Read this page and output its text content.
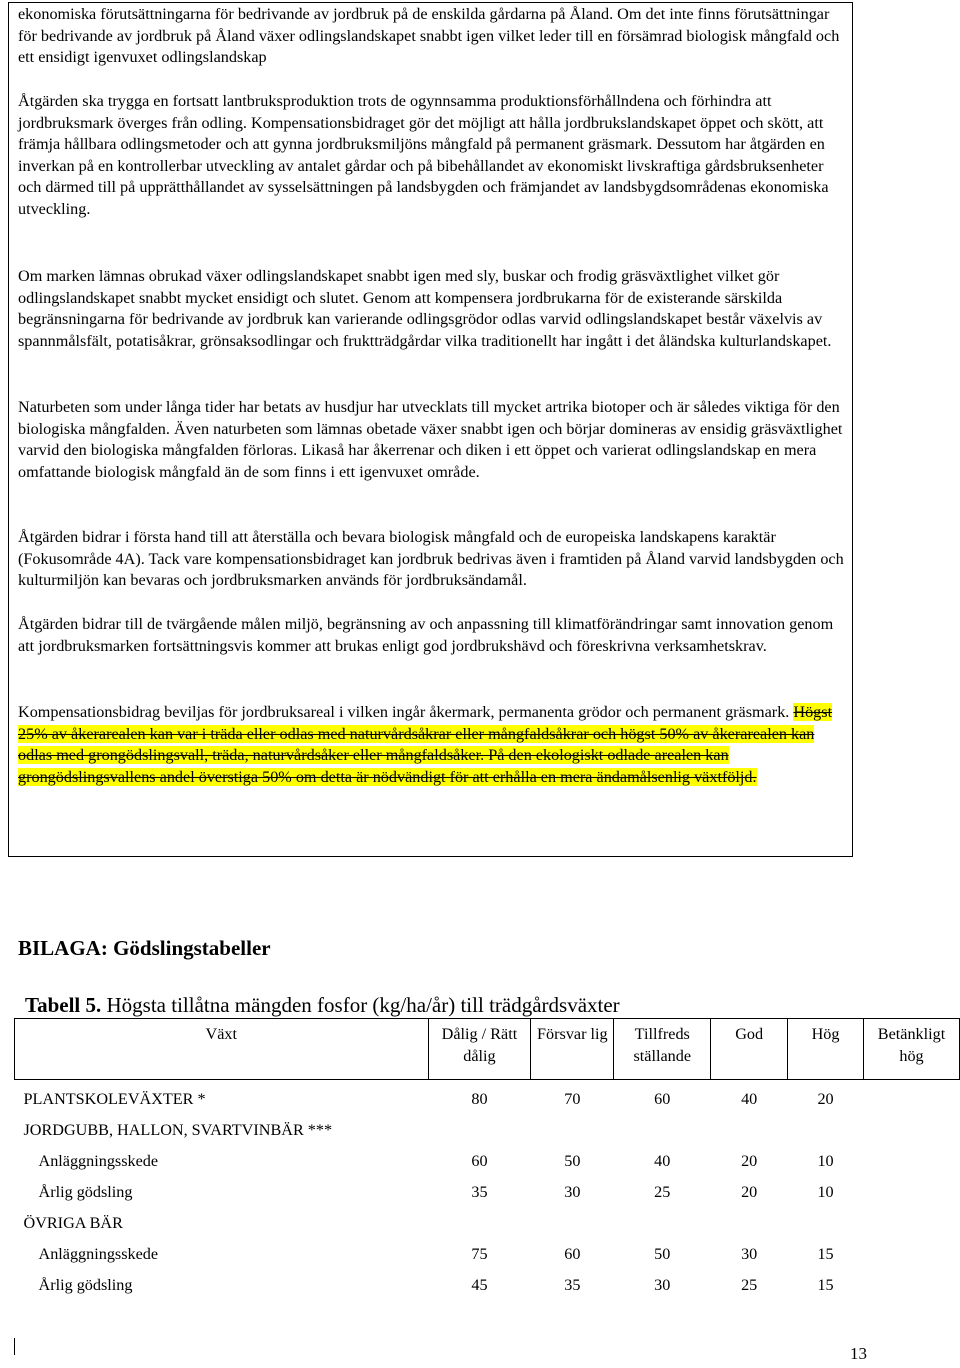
ekonomiska förutsättningarna för bedrivande av jordbruk på de enskilda gårdarna på Åland. Om det inte finns förutsättningar för bedrivande av jordbruk på Åland växer odlingslandskapet snabbt igen vilket leder till en försämrad biologisk mångfald och ett ensidigt igenvuxet odlingslandskap

Åtgärden ska trygga en fortsatt lantbruksproduktion trots de ogynnsamma produktionsförhållndena och förhindra att jordbruksmark överges från odling. Kompensationsbidraget gör det möjligt att hålla jordbrukslandskapet öppet och skött, att främja hållbara odlingsmetoder och att gynna jordbruksmiljöns mångfald på permanent gräsmark. Dessutom har åtgärden en inverkan på en kontrollerbar utveckling av antalet gårdar och på bibehållandet av ekonomiskt livskraftiga gårdsbruksenheter och därmed till på upprätthållandet av sysselsättningen på landsbygden och främjandet av landsbygdsområdenas ekonomiska utveckling.

Om marken lämnas obrukad växer odlingslandskapet snabbt igen med sly, buskar och frodig gräsväxtlighet vilket gör odlingslandskapet snabbt mycket ensidigt och slutet. Genom att kompensera jordbrukarna för de existerande särskilda begränsningarna för bedrivande av jordbruk kan varierande odlingsgrödor odlas varvid odlingslandskapet består växelvis av spannmålsfält, potatisåkrar, grönsaksodlingar och fruktträdgårdar vilka traditionellt har ingått i det åländska kulturlandskapet.

Naturbeten som under långa tider har betats av husdjur har utvecklats till mycket artrika biotoper och är således viktiga för den biologiska mångfalden. Även naturbeten som lämnas obetade växer snabbt igen och börjar domineras av ensidig gräsväxtlighet varvid den biologiska mångfalden förloras. Likaså har åkerrenar och diken i ett öppet och varierat odlingslandskap en mera omfattande biologisk mångfald än de som finns i ett igenvuxet område.

Åtgärden bidrar i första hand till att återställa och bevara biologisk mångfald och de europeiska landskapens karaktär (Fokusområde 4A). Tack vare kompensationsbidraget kan jordbruk bedrivas även i framtiden på Åland varvid landsbygden och kulturmiljön kan bevaras och jordbruksmarken används för jordbruksändamål.

Åtgärden bidrar till de tvärgående målen miljö, begränsning av och anpassning till klimatförändringar samt innovation genom att jordbruksmarken fortsättningsvis kommer att brukas enligt god jordbrukshävd och föreskrivna verksamhetskrav.

Kompensationsbidrag beviljas för jordbruksareal i vilken ingår åkermark, permanenta grödor och permanent gräsmark. Högst 25% av åkerarealen kan var i träda eller odlas med naturvårdsåkrar eller mångfaldsåkrar och högst 50% av åkerarealen kan odlas med grongödslingsvall, träda, naturvårdsåker eller mångfaldsåker. På den ekologiskt odlade arealen kan grongödslingsvallens andel överstiga 50% om detta är nödvändigt för att erhålla en mera ändamålsenlig växtföljd.

BILAGA: Gödslingstabeller

Tabell 5. Högsta tillåtna mängden fosfor (kg/ha/år) till trädgårdsväxter

Växt	Dålig / Rätt dålig	Försvar lig	Tillfreds ställande	God	Hög	Betänkligt hög

PLANTSKOLEVÄXTER *	80	70	60	40	20	
JORDGUBB, HALLON, SVARTVINBÄR ***						
Anläggningsskede	60	50	40	20	10	
Årlig gödsling	35	30	25	20	10	
ÖVRIGA BÄR						
Anläggningsskede	75	60	50	30	15	
Årlig gödsling	45	35	30	25	15	
13
